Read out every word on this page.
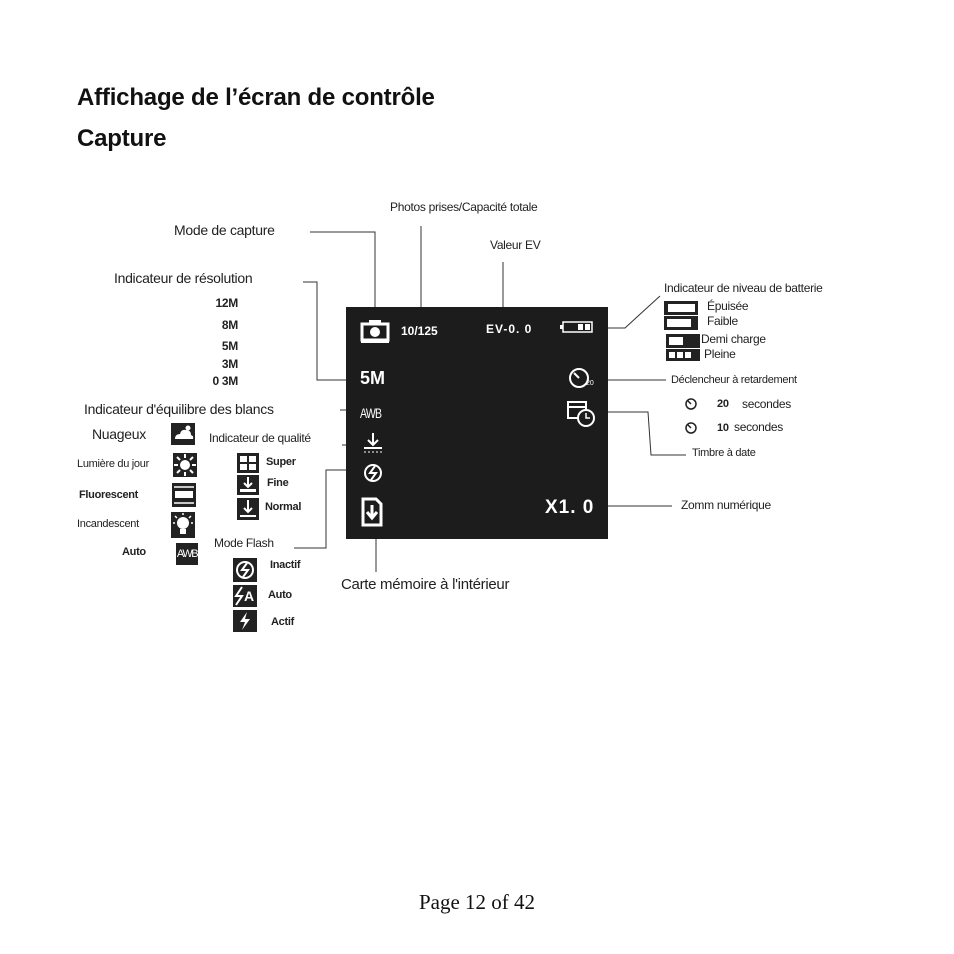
Affichage de l’écran de contrôle
Capture
10/125	EV-0. 0
5M
AWB
20
X1. 0
Mode de capture
Photos prises/Capacité totale
Valeur EV
Indicateur de résolution
12M
8M
5M
3M
0 3M
Indicateur d'équilibre des blancs
Nuageux
Lumière du jour
Fluorescent
Incandescent
Auto	AWB
Indicateur de qualité
Super
Fine
Normal
Mode Flash
Inactif
A Auto
Actif
Carte mémoire à l'intérieur
Indicateur de niveau de batterie
Épuisée
Faible
Demi charge
Pleine
Déclencheur à retardement
20 secondes
10 secondes
Timbre à date
Zomm numérique
Page 12 of 42
